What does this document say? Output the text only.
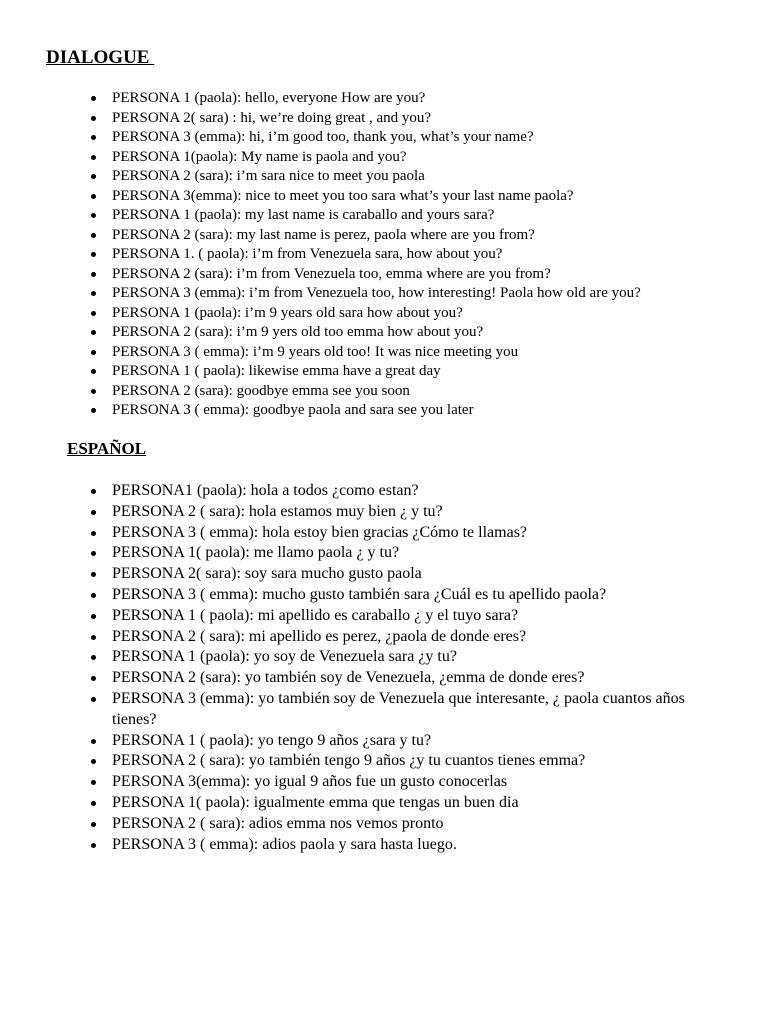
DIALOGUE
PERSONA 1 (paola): hello, everyone How are you?
PERSONA 2( sara) : hi, we’re doing great , and you?
PERSONA 3 (emma): hi, i’m good too, thank you, what’s your name?
PERSONA 1(paola): My name is paola and you?
PERSONA 2 (sara): i’m sara nice to meet you paola
PERSONA 3(emma): nice to meet you too sara what’s your last name paola?
PERSONA 1 (paola): my last name is caraballo and yours sara?
PERSONA 2 (sara): my last name is perez, paola where are you from?
PERSONA 1. ( paola): i’m from Venezuela sara, how about you?
PERSONA 2 (sara): i’m from Venezuela too, emma where are you from?
PERSONA 3 (emma): i’m from Venezuela too, how interesting! Paola how old are you?
PERSONA 1 (paola): i’m 9 years old sara how about you?
PERSONA 2 (sara): i’m 9 yers old too emma how about you?
PERSONA 3 ( emma): i’m 9 years old too! It was nice meeting you
PERSONA 1 ( paola): likewise emma have a great day
PERSONA 2 (sara): goodbye emma see you soon
PERSONA 3 ( emma): goodbye paola and sara see you later
ESPAÑOL
PERSONA1 (paola): hola a todos ¿como estan?
PERSONA 2 ( sara): hola estamos muy bien ¿ y tu?
PERSONA 3 ( emma): hola estoy bien gracias ¿Cómo te llamas?
PERSONA 1( paola): me llamo paola ¿ y tu?
PERSONA 2( sara): soy sara mucho gusto paola
PERSONA 3 ( emma): mucho gusto también sara ¿Cuál es tu apellido paola?
PERSONA 1 ( paola): mi apellido es caraballo ¿ y el tuyo sara?
PERSONA 2 ( sara): mi apellido es perez, ¿paola de donde eres?
PERSONA 1 (paola): yo soy de Venezuela sara ¿y tu?
PERSONA 2 (sara): yo también soy de Venezuela, ¿emma de donde eres?
PERSONA 3 (emma): yo también soy de Venezuela que interesante, ¿ paola cuantos años tienes?
PERSONA 1 ( paola): yo tengo 9 años ¿sara y tu?
PERSONA 2 ( sara): yo también tengo 9 años ¿y tu cuantos tienes emma?
PERSONA 3(emma): yo igual 9 años fue un gusto conocerlas
PERSONA 1( paola): igualmente emma que tengas un buen dia
PERSONA 2 ( sara): adios emma nos vemos pronto
PERSONA 3 ( emma): adios paola y sara hasta luego.
